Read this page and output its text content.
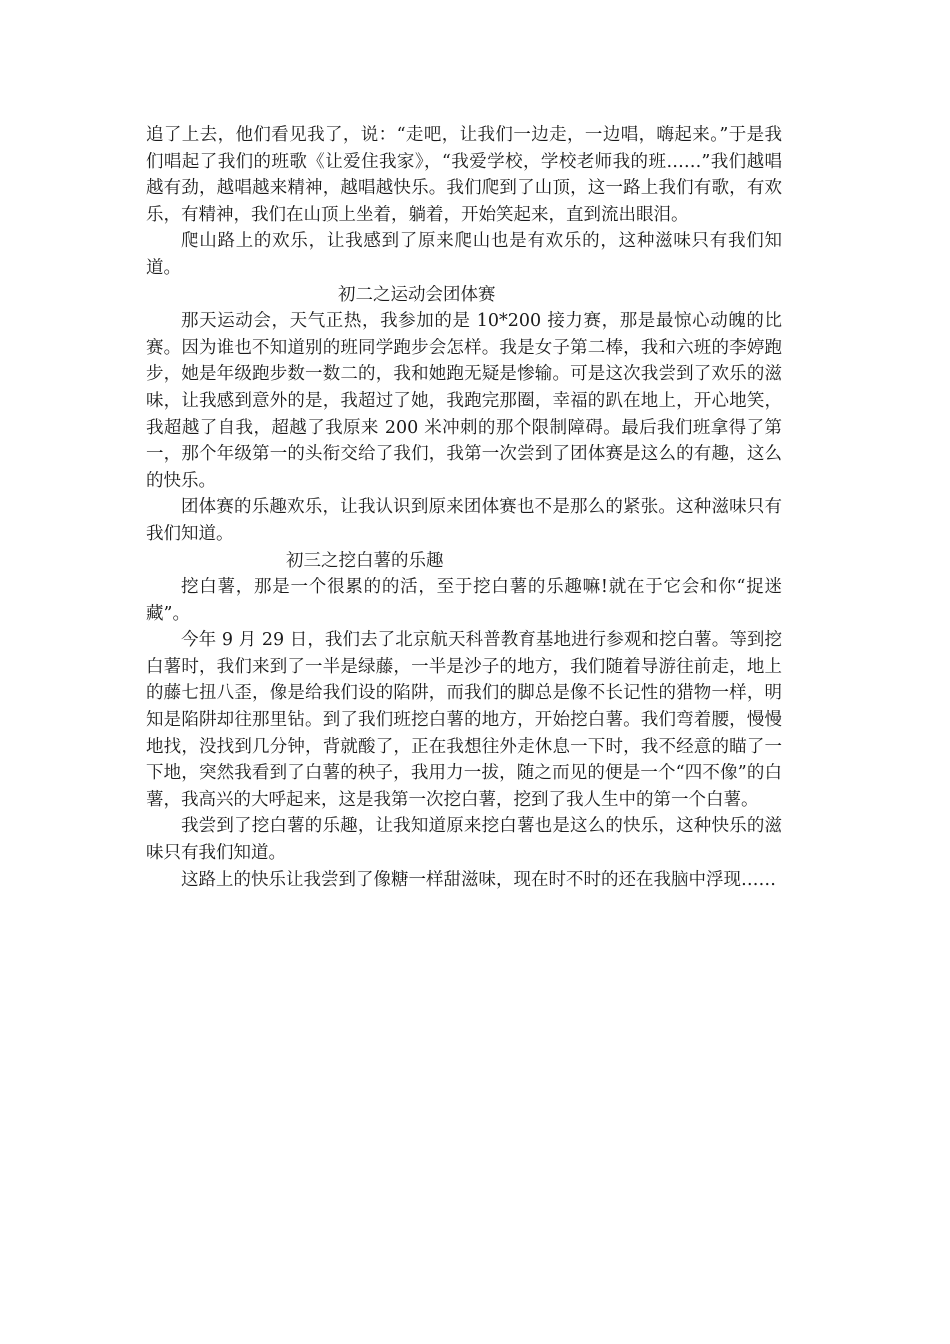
追了上去，他们看见我了，说：“走吧，让我们一边走，一边唱，嗨起来。”于是我们唱起了我们的班歌《让爱住我家》，“我爱学校，学校老师我的班……”我们越唱越有劲，越唱越来精神，越唱越快乐。我们爬到了山顶，这一路上我们有歌，有欢乐，有精神，我们在山顶上坐着，躺着，开始笑起来，直到流出眼泪。

爬山路上的欢乐，让我感到了原来爬山也是有欢乐的，这种滋味只有我们知道。

初二之运动会团体赛

那天运动会，天气正热，我参加的是 10*200 接力赛，那是最惊心动魄的比赛。因为谁也不知道别的班同学跑步会怎样。我是女子第二棒，我和六班的李婷跑步，她是年级跑步数一数二的，我和她跑无疑是惨输。可是这次我尝到了欢乐的滋味，让我感到意外的是，我超过了她，我跑完那圈，幸福的趴在地上，开心地笑，我超越了自我，超越了我原来 200 米冲刺的那个限制障碍。最后我们班拿得了第一，那个年级第一的头衔交给了我们，我第一次尝到了团体赛是这么的有趣，这么的快乐。

团体赛的乐趣欢乐，让我认识到原来团体赛也不是那么的紧张。这种滋味只有我们知道。

初三之挖白薯的乐趣

挖白薯，那是一个很累的的活，至于挖白薯的乐趣嘛!就在于它会和你“捉迷藏”。

今年 9 月 29 日，我们去了北京航天科普教育基地进行参观和挖白薯。等到挖白薯时，我们来到了一半是绿藤，一半是沙子的地方，我们随着导游往前走，地上的藤七扭八歪，像是给我们设的陷阱，而我们的脚总是像不长记性的猎物一样，明知是陷阱却往那里钻。到了我们班挖白薯的地方，开始挖白薯。我们弯着腰，慢慢地找，没找到几分钟，背就酸了，正在我想往外走休息一下时，我不经意的瞄了一下地，突然我看到了白薯的秧子，我用力一拔，随之而见的便是一个“四不像”的白薯，我高兴的大呼起来，这是我第一次挖白薯，挖到了我人生中的第一个白薯。

我尝到了挖白薯的乐趣，让我知道原来挖白薯也是这么的快乐，这种快乐的滋味只有我们知道。

这路上的快乐让我尝到了像糖一样甜滋味，现在时不时的还在我脑中浮现……
